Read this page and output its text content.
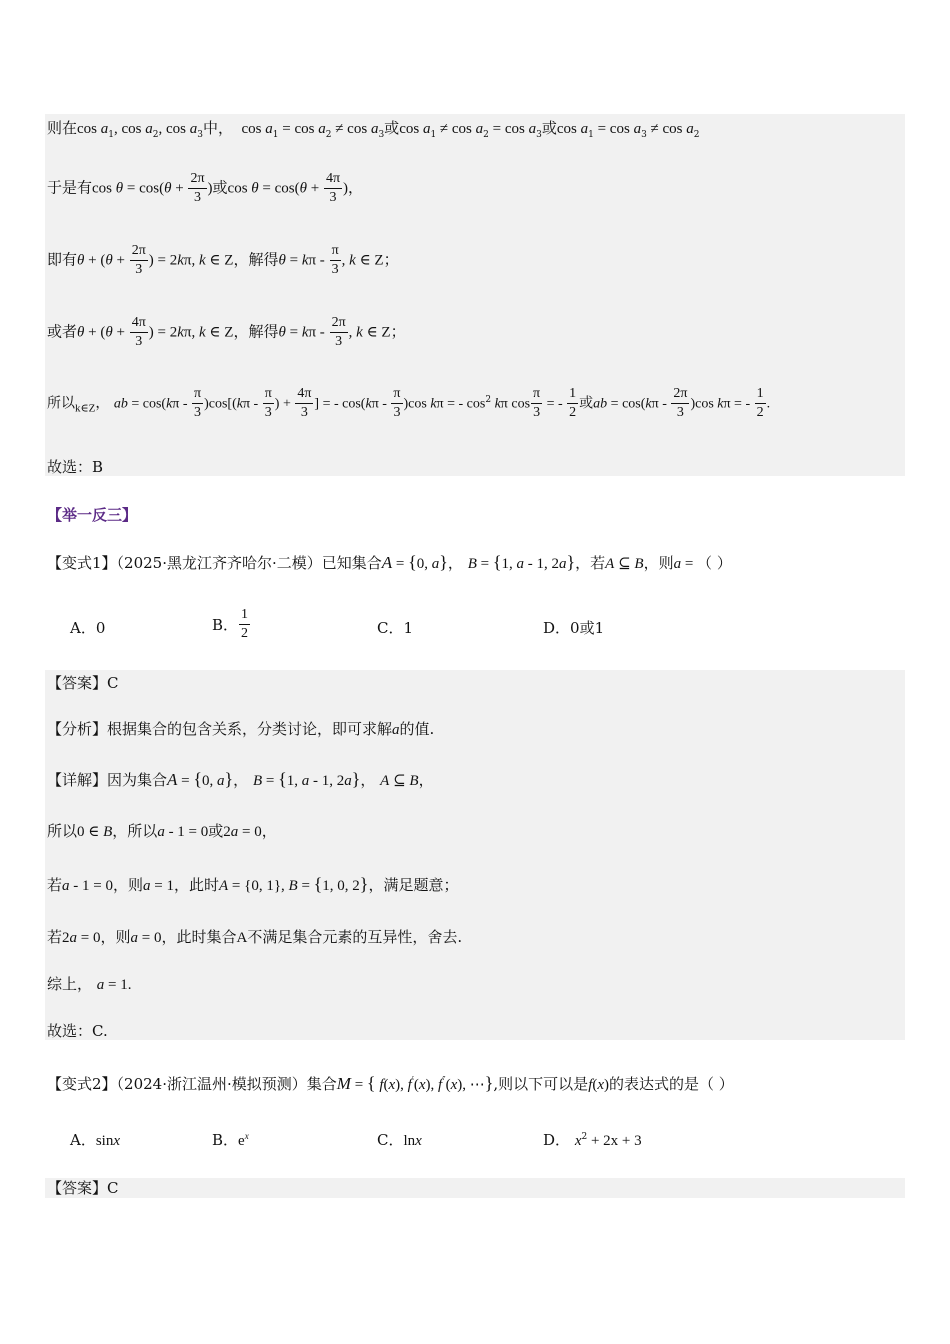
则在$\cos a_1$, $\cos a_2$, $\cos a_3$中，  $\cos a_1 = \cos a_2 \ne \cos a_3$或$\cos a_1 \ne \cos a_2 = \cos a_3$或$\cos a_1 = \cos a_3 \ne \cos a_2$
于是有$\cos \theta = \cos(\theta + \frac{2\pi}{3}$ )或$\cos \theta = \cos(\theta + \frac{4\pi}{3}$ )，
即有$\theta + (\theta + \frac{2\pi}{3}$ ) = 2kπ, k ∈ Z，解得$\theta = k\pi - \frac{\pi}{3}$ , k ∈ Z；
或者$\theta + (\theta + \frac{4\pi}{3}$ ) = 2kπ, k ∈ Z，解得$\theta = k\pi - \frac{2\pi}{3}$ , k ∈ Z；
所以$_{k\in Z}$， ab = $\cos(k\pi - \frac{\pi}{3} )\cos[(k\pi - \frac{\pi}{3}$ ) + $\frac{4\pi}{3}$ ] = - $\cos(k\pi - \frac{\pi}{3} )\cos$ kπ = - $\cos^2 k\pi$ $\cos \frac{\pi}{3}$ = - $\frac{1}{2}$ 或ab = $\cos(k\pi - \frac{2\pi}{3} )\cos$ kπ = - $\frac{1}{2}$ .
故选：B
【举一反三】
【变式1】（2025·黑龙江齐齐哈尔·二模）已知集合A = {0, a}， B = {1, a - 1, 2a}，若A ⊆ B，则a = （ ）
A．0	B． $\frac{1}{2}$	C．1	D．0或1
【答案】C
【分析】根据集合的包含关系，分类讨论，即可求解a的值.
【详解】因为集合A = {0, a}， B = {1, a - 1, 2a}， A ⊆ B，
所以0 ∈ B，所以a - 1 = 0或2a = 0，
若a - 1 = 0，则a = 1，此时A = {0, 1}, B = {1, 0, 2}，满足题意；
若2a = 0，则a = 0，此时集合A不满足集合元素的互异性，舍去.
综上， a = 1.
故选：C.
【变式2】（2024·浙江温州·模拟预测）集合M = { f(x), f′(x), f″(x), ⋯},则以下可以是f(x)的表达式的是（ ）
A．sinx	B．$e^x$	C．lnx	D． $x^2 + 2x + 3$
【答案】C
